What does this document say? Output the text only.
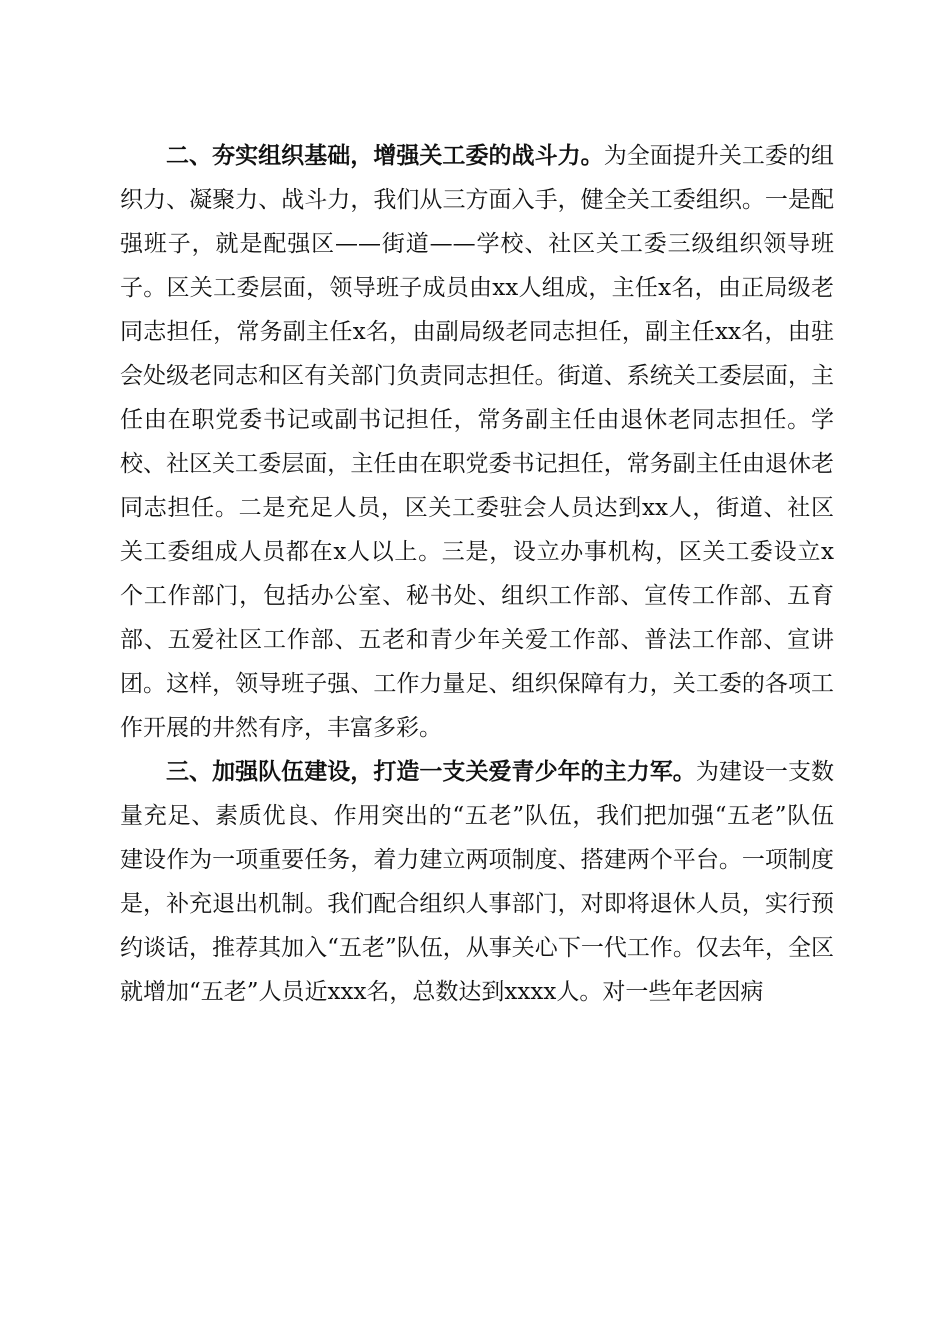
二、夯实组织基础，增强关工委的战斗力。为全面提升关工委的组织力、凝聚力、战斗力，我们从三方面入手，健全关工委组织。一是配强班子，就是配强区——街道——学校、社区关工委三级组织领导班子。区关工委层面，领导班子成员由xx人组成，主任x名，由正局级老同志担任，常务副主任x名，由副局级老同志担任，副主任xx名，由驻会处级老同志和区有关部门负责同志担任。街道、系统关工委层面，主任由在职党委书记或副书记担任，常务副主任由退休老同志担任。学校、社区关工委层面，主任由在职党委书记担任，常务副主任由退休老同志担任。二是充足人员，区关工委驻会人员达到xx人，街道、社区关工委组成人员都在x人以上。三是，设立办事机构，区关工委设立x个工作部门，包括办公室、秘书处、组织工作部、宣传工作部、五育部、五爱社区工作部、五老和青少年关爱工作部、普法工作部、宣讲团。这样，领导班子强、工作力量足、组织保障有力，关工委的各项工作开展的井然有序，丰富多彩。

三、加强队伍建设，打造一支关爱青少年的主力军。为建设一支数量充足、素质优良、作用突出的“五老”队伍，我们把加强“五老”队伍建设作为一项重要任务，着力建立两项制度、搭建两个平台。一项制度是，补充退出机制。我们配合组织人事部门，对即将退休人员，实行预约谈话，推荐其加入“五老”队伍，从事关心下一代工作。仅去年，全区就增加“五老”人员近xxx名，总数达到xxxx人。对一些年老因病
